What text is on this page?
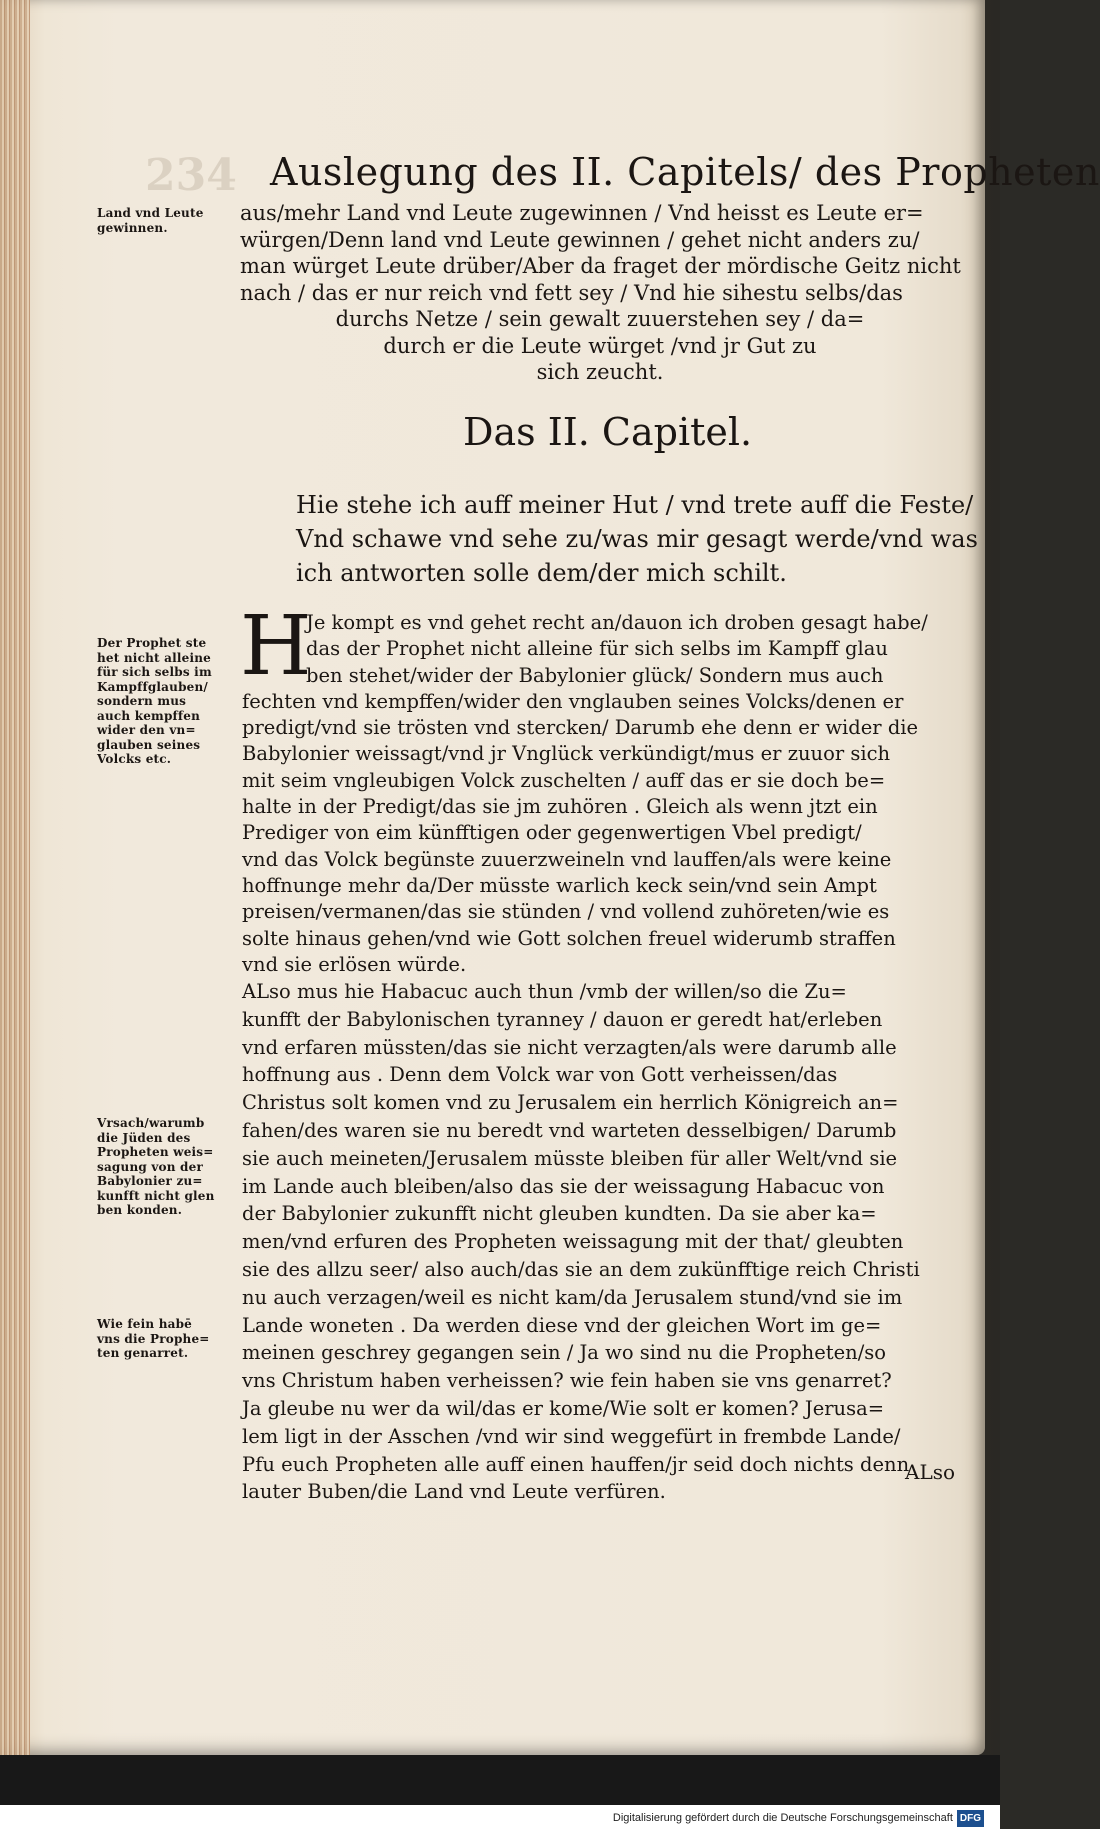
234 Auslegung des II. Capitels/ des Propheten
Land vnd Leute
gewinnen.
aus/mehr Land vnd Leute zugewinnen / Vnd heisst es Leute er=
würgen/Denn land vnd Leute gewinnen / gehet nicht anders zu/
man würget Leute drüber/Aber da fraget der mördische Geitz nicht
nach / das er nur reich vnd fett sey / Vnd hie sihestu selbs/das
durchs Netze / sein gewalt zuuerstehen sey / da=
durch er die Leute würget /vnd jr Gut zu
sich zeucht.
Das II. Capitel.
Hie stehe ich auff meiner Hut / vnd trete auff die Feste/
Vnd schawe vnd sehe zu/was mir gesagt werde/vnd was
ich antworten solle dem/der mich schilt.
Der Prophet ste
het nicht alleine
für sich selbs im
Kampffglauben/
sondern mus
auch kempffen
wider den vn=
glauben seines
Volcks etc.
H
Je kompt es vnd gehet recht an/dauon ich droben gesagt habe/
das der Prophet nicht alleine für sich selbs im Kampff glau
ben stehet/wider der Babylonier glück/ Sondern mus auch
fechten vnd kempffen/wider den vnglauben seines Volcks/denen er
predigt/vnd sie trösten vnd stercken/ Darumb ehe denn er wider die
Babylonier weissagt/vnd jr Vnglück verkündigt/mus er zuuor sich
mit seim vngleubigen Volck zuschelten / auff das er sie doch be=
halte in der Predigt/das sie jm zuhören . Gleich als wenn jtzt ein
Prediger von eim künfftigen oder gegenwertigen Vbel predigt/
vnd das Volck begünste zuuerzweineln vnd lauffen/als were keine
hoffnunge mehr da/Der müsste warlich keck sein/vnd sein Ampt
preisen/vermanen/das sie stünden / vnd vollend zuhöreten/wie es
solte hinaus gehen/vnd wie Gott solchen freuel widerumb straffen
vnd sie erlösen würde.
Vrsach/warumb
die Jüden des
Propheten weis=
sagung von der
Babylonier zu=
kunfft nicht glen
ben konden.
ALso mus hie Habacuc auch thun /vmb der willen/so die Zu=
kunfft der Babylonischen tyranney / dauon er geredt hat/erleben
vnd erfaren müssten/das sie nicht verzagten/als were darumb alle
hoffnung aus . Denn dem Volck war von Gott verheissen/das
Christus solt komen vnd zu Jerusalem ein herrlich Königreich an=
fahen/des waren sie nu beredt vnd warteten desselbigen/ Darumb
sie auch meineten/Jerusalem müsste bleiben für aller Welt/vnd sie
im Lande auch bleiben/also das sie der weissagung Habacuc von
der Babylonier zukunfft nicht gleuben kundten. Da sie aber ka=
men/vnd erfuren des Propheten weissagung mit der that/ gleubten
sie des allzu seer/ also auch/das sie an dem zukünfftige reich Christi
nu auch verzagen/weil es nicht kam/da Jerusalem stund/vnd sie im
Lande woneten . Da werden diese vnd der gleichen Wort im ge=
meinen geschrey gegangen sein / Ja wo sind nu die Propheten/so
vns Christum haben verheissen? wie fein haben sie vns genarret?
Ja gleube nu wer da wil/das er kome/Wie solt er komen? Jerusa=
lem ligt in der Asschen /vnd wir sind weggefürt in frembde Lande/
Pfu euch Propheten alle auff einen hauffen/jr seid doch nichts denn
lauter Buben/die Land vnd Leute verfüren.
Wie fein habē
vns die Prophe=
ten genarret.
ALso
Digitalisierung gefördert durch die Deutsche Forschungsgemeinschaft DFG
